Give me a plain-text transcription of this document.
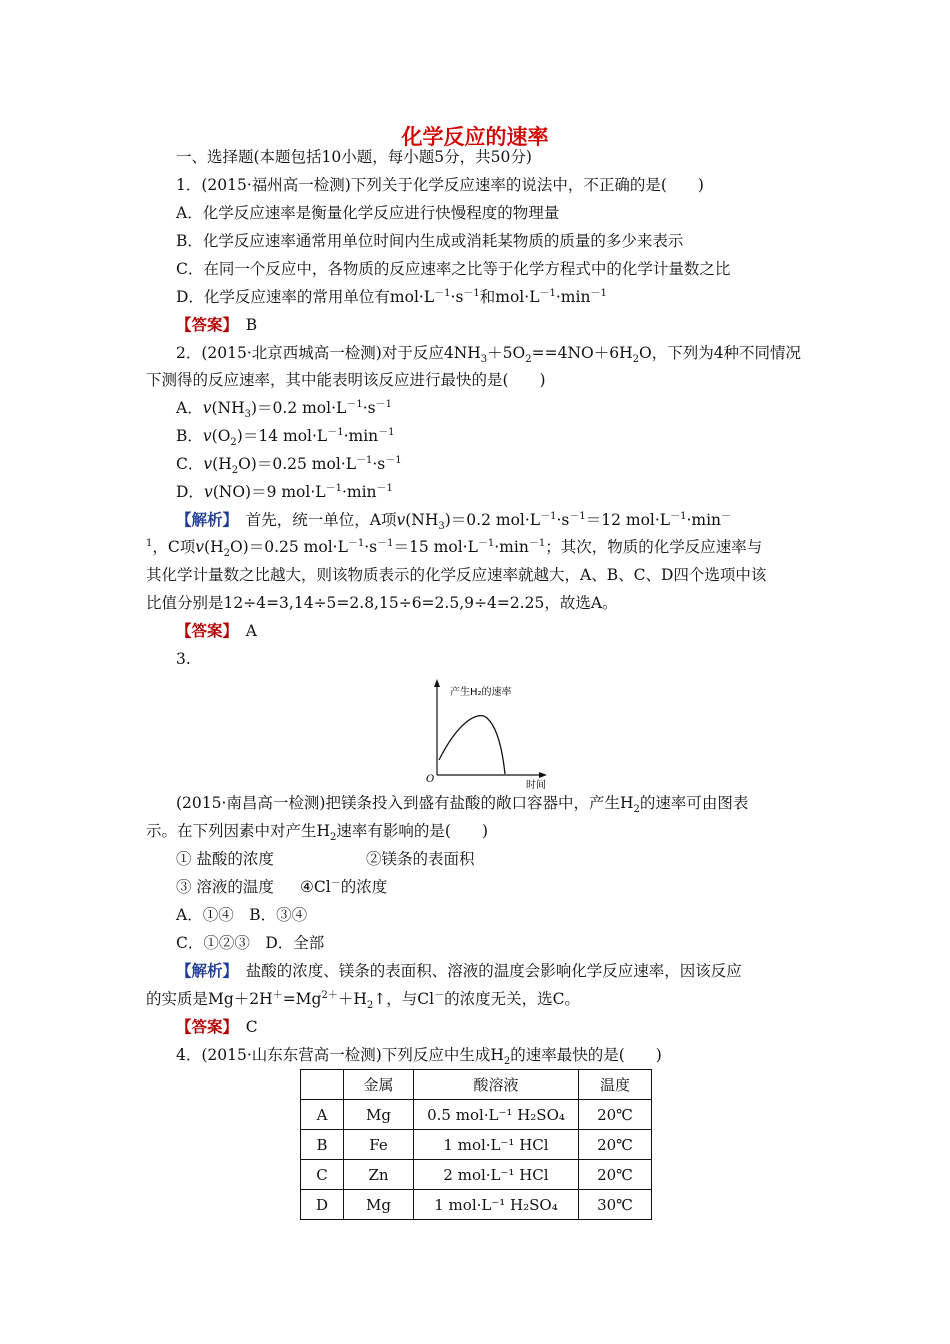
化学反应的速率
一、选择题(本题包括10小题，每小题5分，共50分)
1．(2015·福州高一检测)下列关于化学反应速率的说法中，不正确的是(　　)
A．化学反应速率是衡量化学反应进行快慢程度的物理量
B．化学反应速率通常用单位时间内生成或消耗某物质的质量的多少来表示
C．在同一个反应中，各物质的反应速率之比等于化学方程式中的化学计量数之比
D．化学反应速率的常用单位有$mol\cdot L^{-1}\cdot s^{-1}$和$mol\cdot L^{-1}\cdot\min^{-1}$
【答案】　 B
2．(2015·北京西城高一检测)对于反应$4NH_3+5O_2==4NO+6H_2O$，下列为4种不同情况
下测得的反应速率，其中能表明该反应进行最快的是(　　)
A．$v(NH_3)=0.2$ $mol\cdot L^{-1}\cdot s^{-1}$
B．$v(O_2)=14$ $mol\cdot L^{-1}\cdot\min^{-1}$
C．$v(H_2O)=0.25$ $mol\cdot L^{-1}\cdot s^{-1}$
D．v(NO)＝9 $mol\cdot L^{-1}\cdot\min^{-1}$
【解析】　首先，统一单位，A项$v(NH_3)=0.2$ $mol\cdot L^{-1}\cdot s^{-1}=12$ $mol\cdot L^{-1}\cdot\min^-$
$^1$，C项$v(H_2O)=0.25$ $mol\cdot L^{-1}\cdot s^{-1}=15$ $mol\cdot L^{-1}\cdot\min^{-1}$；其次，物质的化学反应速率与
其化学计量数之比越大，则该物质表示的化学反应速率就越大，A、B、C、D四个选项中该
比值分别是12÷4=3,14÷5=2.8,15÷6=2.5,9÷4=2.25，故选A。
【答案】　 A
3.
产生H₂的速率
时间
O
(2015·南昌高一检测)把镁条投入到盛有盐酸的敞口容器中，产生$H_2$的速率可由图表
示。在下列因素中对产生$H_2$速率有影响的是(　　)
① 盐酸的浓度	②镁条的表面积
③ 溶液的温度 ④Cl－的浓度
A．①④　B．③④
C．①②③　D．全部
【解析】　 盐酸的浓度、镁条的表面积、溶液的温度会影响化学反应速率，因该反应
的实质是$Mg+2H^+=Mg^{2+}+H_2↑$，与Cl－的浓度无关，选C。
【答案】　 C
4．(2015·山东东营高一检测)下列反应中生成$H_2$的速率最快的是(　　)
	金属	酸溶液	温度
A	Mg	0.5 mol·L⁻¹ H₂SO₄	20℃
B	Fe	1 mol·L⁻¹ HCl	20℃
C	Zn	2 mol·L⁻¹ HCl	20℃
D	Mg	1 mol·L⁻¹ H₂SO₄	30℃
